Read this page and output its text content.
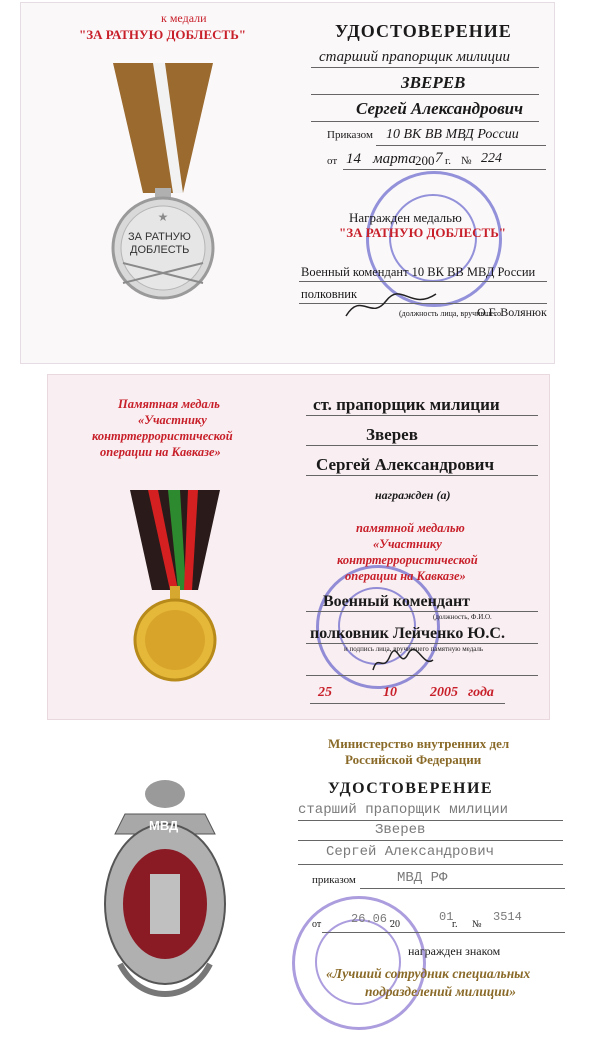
к медали
"ЗА РАТНУЮ ДОБЛЕСТЬ"
★
ЗА РАТНУЮ
ДОБЛЕСТЬ
УДОСТОВЕРЕНИЕ
старший прапорщик милиции
ЗВЕРЕВ
Сергей Александрович
Приказом 10 ВК ВВ МВД России
от 14 марта 200 7 г. № 224
Награжден медалью
"ЗА РАТНУЮ ДОБЛЕСТЬ"
Военный комендант 10 ВК ВВ МВД России
полковник
(должность лица, вручившего
О.Г. Волянюк
Памятная медаль
«Участнику
контртеррористической
операции на Кавказе»
ст. прапорщик милиции
Зверев
Сергей Александрович
награжден (а)
памятной медалью
«Участнику
контртеррористической
операции на Кавказе»
Военный комендант
(должность, Ф.И.О.
полковник Лейченко Ю.С.
и подпись лица, вручившего памятную медаль
25	10 2005 года
МВД
Министерство внутренних дел
Российской Федерации
УДОСТОВЕРЕНИЕ
старший прапорщик милиции
Зверев
Сергей Александрович
приказом	МВД РФ
от 26.06.
20
01
г. №
3514
награжден знаком
«Лучший сотрудник специальных
подразделений милиции»
